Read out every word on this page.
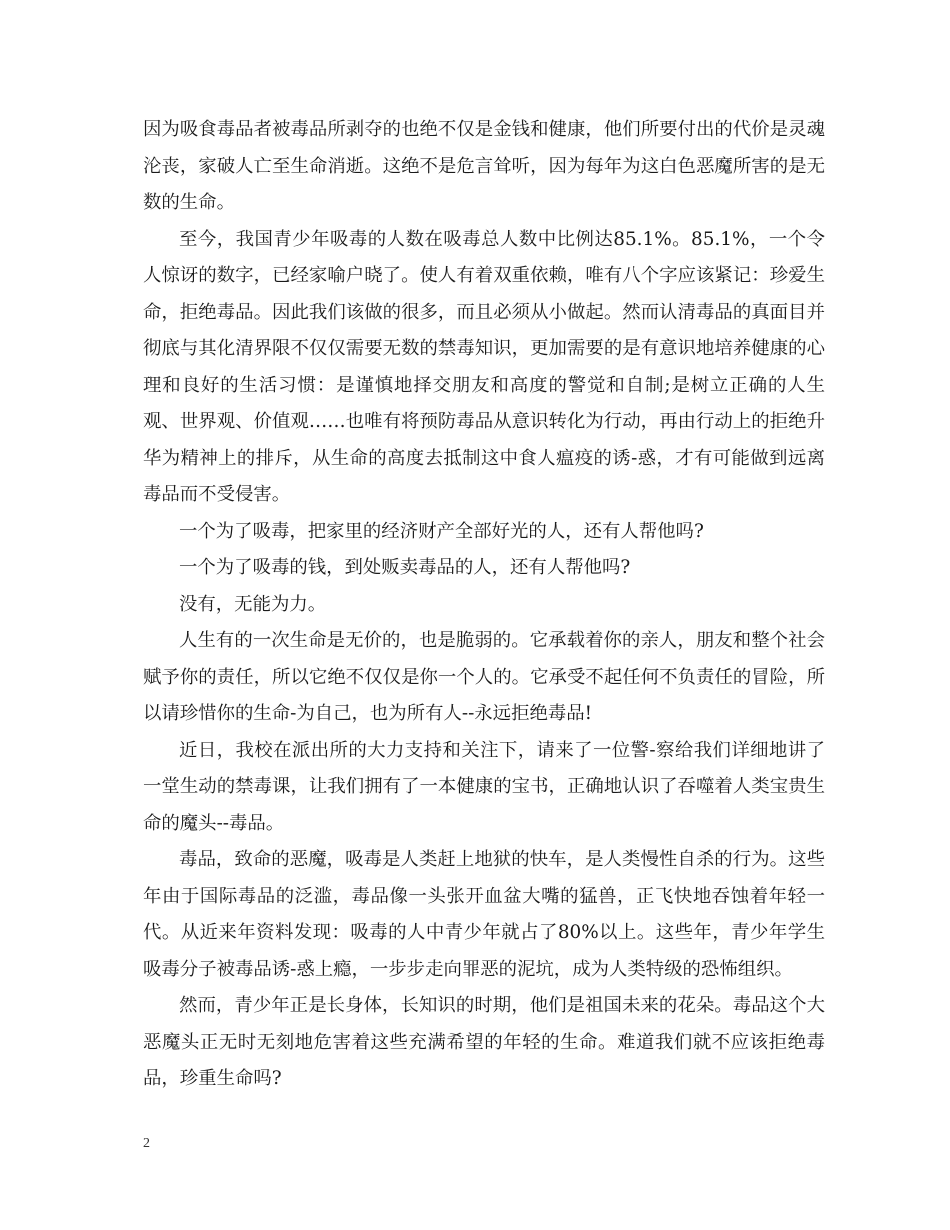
因为吸食毒品者被毒品所剥夺的也绝不仅是金钱和健康，他们所要付出的代价是灵魂沦丧，家破人亡至生命消逝。这绝不是危言耸听，因为每年为这白色恶魔所害的是无数的生命。

至今，我国青少年吸毒的人数在吸毒总人数中比例达85.1%。85.1%，一个令人惊讶的数字，已经家喻户晓了。使人有着双重依赖，唯有八个字应该紧记：珍爱生命，拒绝毒品。因此我们该做的很多，而且必须从小做起。然而认清毒品的真面目并彻底与其化清界限不仅仅需要无数的禁毒知识，更加需要的是有意识地培养健康的心理和良好的生活习惯：是谨慎地择交朋友和高度的警觉和自制;是树立正确的人生观、世界观、价值观……也唯有将预防毒品从意识转化为行动，再由行动上的拒绝升华为精神上的排斥，从生命的高度去抵制这中食人瘟疫的诱-惑，才有可能做到远离毒品而不受侵害。

一个为了吸毒，把家里的经济财产全部好光的人，还有人帮他吗?

一个为了吸毒的钱，到处贩卖毒品的人，还有人帮他吗?

没有，无能为力。

人生有的一次生命是无价的，也是脆弱的。它承载着你的亲人，朋友和整个社会赋予你的责任，所以它绝不仅仅是你一个人的。它承受不起任何不负责任的冒险，所以请珍惜你的生命-为自己，也为所有人--永远拒绝毒品!

近日，我校在派出所的大力支持和关注下，请来了一位警-察给我们详细地讲了一堂生动的禁毒课，让我们拥有了一本健康的宝书，正确地认识了吞噬着人类宝贵生命的魔头--毒品。

毒品，致命的恶魔，吸毒是人类赶上地狱的快车，是人类慢性自杀的行为。这些年由于国际毒品的泛滥，毒品像一头张开血盆大嘴的猛兽，正飞快地吞蚀着年轻一代。从近来年资料发现：吸毒的人中青少年就占了80%以上。这些年，青少年学生吸毒分子被毒品诱-惑上瘾，一步步走向罪恶的泥坑，成为人类特级的恐怖组织。

然而，青少年正是长身体，长知识的时期，他们是祖国未来的花朵。毒品这个大恶魔头正无时无刻地危害着这些充满希望的年轻的生命。难道我们就不应该拒绝毒品，珍重生命吗?

2
